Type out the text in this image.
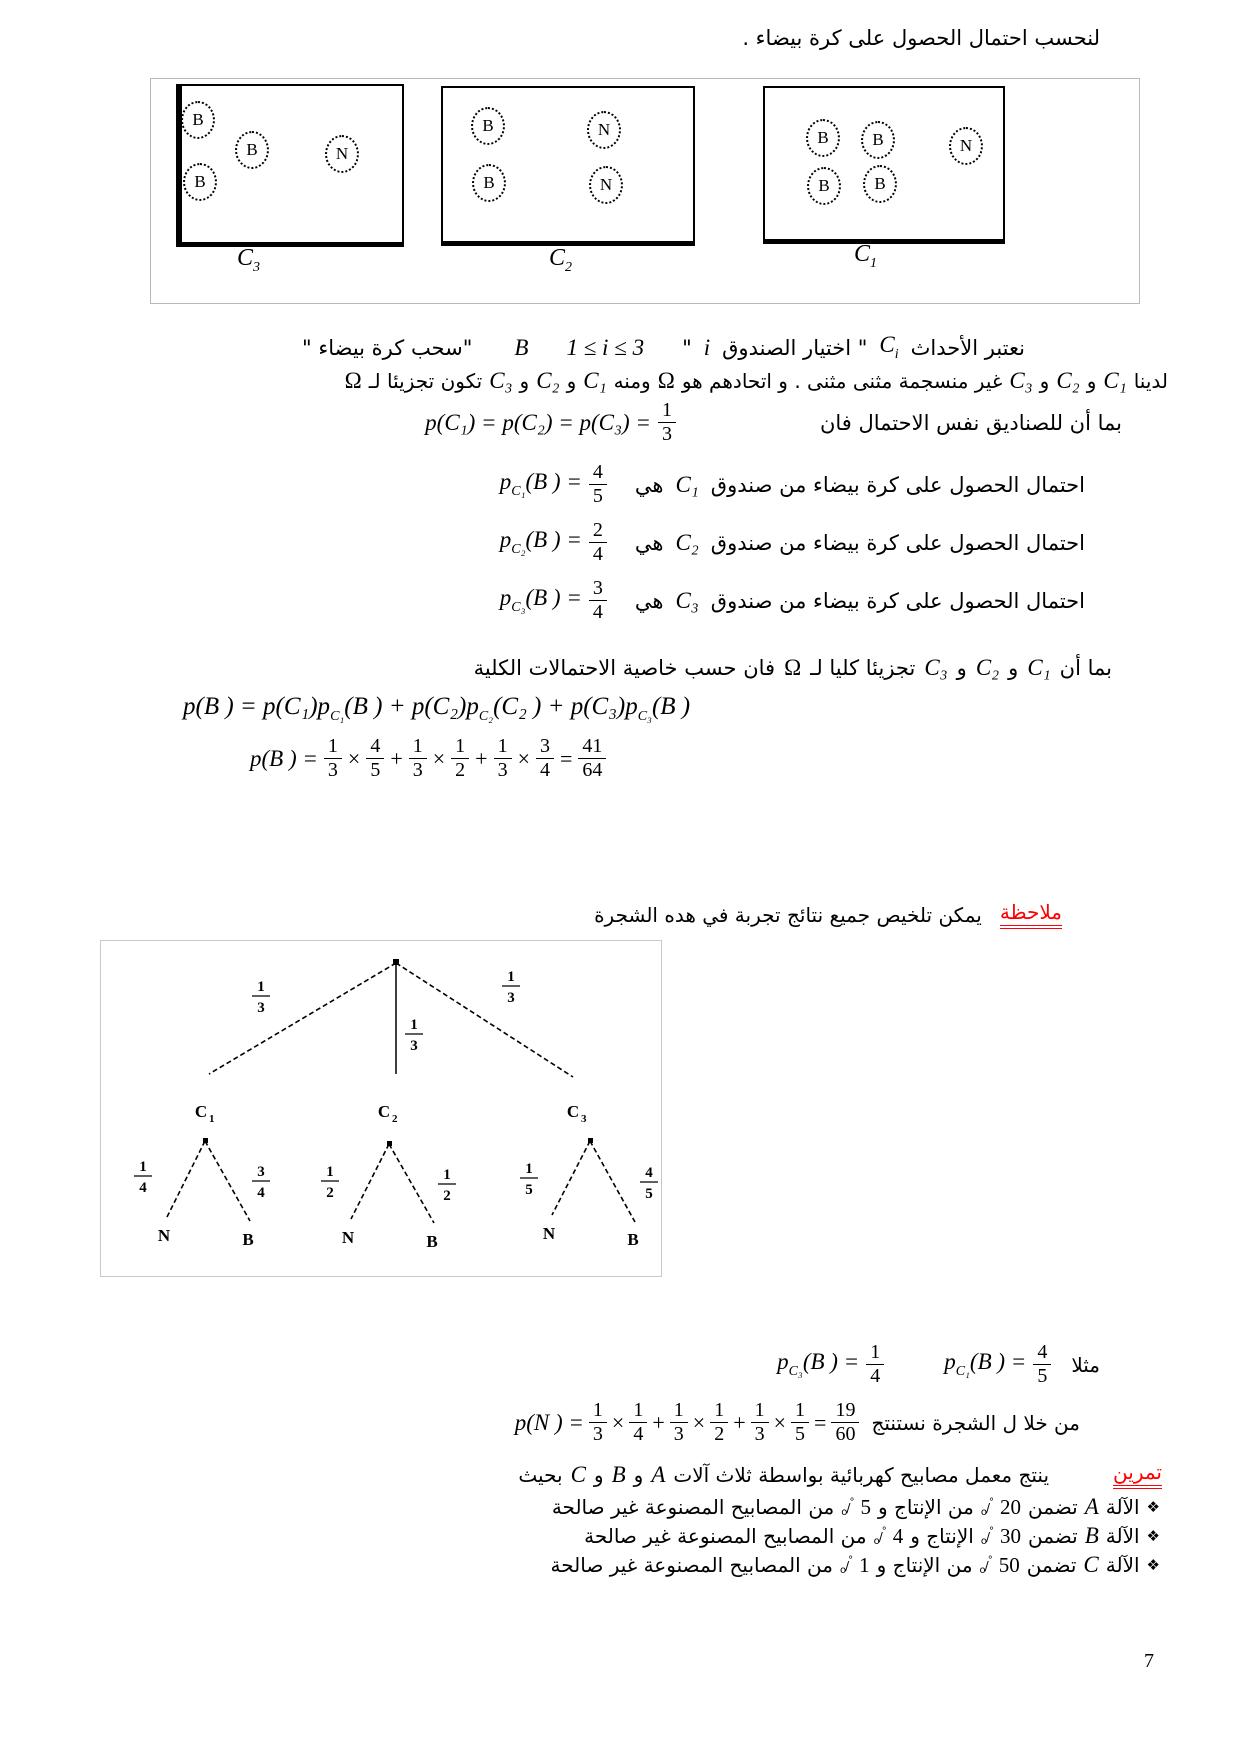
لنحسب احتمال الحصول على كرة بيضاء .
B
B
B
N
B	N
B	N
B	B	N
B	B
$C_3$	$C_2$
$C_1$
نعتبر الأحداث
$C_i$
" اختيار الصندوق
i
"
1 ≤ i ≤ 3
B
"سحب كرة بيضاء "
لدينا
C₁
و
C₂
و
C₃
غير منسجمة مثنى مثنى . و اتحادهم هو
Ω
ومنه
C₁
و
C₂
و
C₃
تكون تجزيئا لـ
Ω
بما أن للصناديق نفس الاحتمال فان
$p(C_1) = p(C_2) = p(C_3) = \frac{1}{3}$
احتمال الحصول على كرة بيضاء من صندوق
C₁
هي
$p_{C_1}(B$ ) = $\frac{4}{5}$
احتمال الحصول على كرة بيضاء من صندوق
C₂
هي
$p_{C_2}(B$ ) = $\frac{2}{4}$
احتمال الحصول على كرة بيضاء من صندوق
C₃
هي
$p_{C_3}(B$ ) = $\frac{3}{4}$
بما أن
C₁
و
C₂
و
C₃
تجزيئا كليا لـ
Ω
فان حسب خاصية الاحتمالات الكلية
p(B ) = $p(C_1)p_{C_1}(B$ ) + $p(C_2)p_{C_2}(C_2$ ) + $p(C_3)p_{C_3}(B$ )
p(B ) = $\frac{1}{3} \times \frac{4}{5} + \frac{1}{3} \times \frac{1}{2} + \frac{1}{3} \times \frac{3}{4} = \frac{41}{64}$
ملاحظة
يمكن تلخيص جميع نتائج تجربة في هده الشجرة
1
3
1
3
1
3
C 1	C 2	C 3
1
4
3
4
N	B
1
2
1
2
N	B
1
5
4
5
N	B
مثلا
$p_{C_1}(B$ ) = $\frac{4}{5}$
$p_{C_3}(B$ ) = $\frac{1}{4}$
من خلا ل الشجرة نستنتج
p(N ) = $\frac{1}{3} \times \frac{1}{4} + \frac{1}{3} \times \frac{1}{2} + \frac{1}{3} \times \frac{1}{5} = \frac{19}{60}$
تمرين
ينتج معمل مصابيح كهربائية بواسطة ثلاث آلات
A
و
B
و
C
بحيث
❖
الآلة
A
تضمن
20
$^\circ/_o$
من الإنتاج و
5
$^\circ/_o$
من المصابيح المصنوعة غير صالحة
❖
الآلة
B
تضمن
30
$^\circ/_o$
الإنتاج و
4
$^\circ/_o$
من المصابيح المصنوعة غير صالحة
❖
الآلة
C
تضمن
50
$^\circ/_o$
من الإنتاج و
1
$^\circ/_o$
من المصابيح المصنوعة غير صالحة
7
